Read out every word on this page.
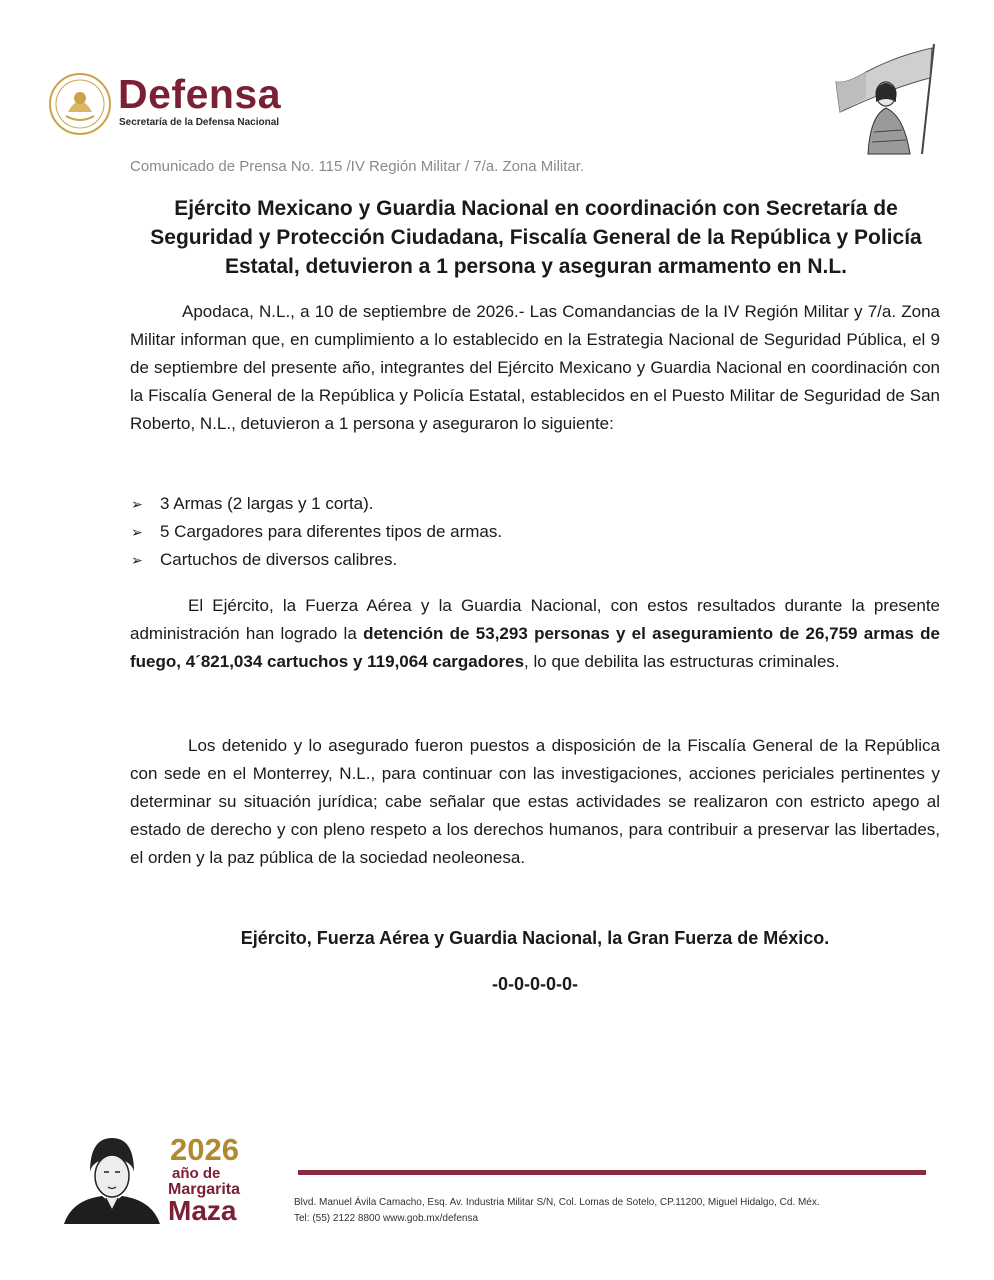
Defensa
Secretaría de la Defensa Nacional
Comunicado de Prensa No. 115 /IV Región Militar / 7/a. Zona Militar.
Ejército Mexicano y Guardia Nacional en coordinación con Secretaría de Seguridad y Protección Ciudadana, Fiscalía General de la República y Policía Estatal, detuvieron a 1 persona y aseguran armamento en N.L.

Apodaca, N.L., a 10 de septiembre de 2026.- Las Comandancias de la IV Región Militar y 7/a. Zona Militar informan que, en cumplimiento a lo establecido en la Estrategia Nacional de Seguridad Pública, el 9 de septiembre del presente año, integrantes del Ejército Mexicano y Guardia Nacional en coordinación con la Fiscalía General de la República y Policía Estatal, establecidos en el Puesto Militar de Seguridad de San Roberto, N.L., detuvieron a 1 persona y aseguraron lo siguiente:

➢ 3 Armas (2 largas y 1 corta).
➢ 5 Cargadores para diferentes tipos de armas.
➢ Cartuchos de diversos calibres.

El Ejército, la Fuerza Aérea y la Guardia Nacional, con estos resultados durante la presente administración han logrado la detención de 53,293 personas y el aseguramiento de 26,759 armas de fuego, 4´821,034 cartuchos y 119,064 cargadores, lo que debilita las estructuras criminales.

Los detenido y lo asegurado fueron puestos a disposición de la Fiscalía General de la República con sede en el Monterrey, N.L., para continuar con las investigaciones, acciones periciales pertinentes y determinar su situación jurídica; cabe señalar que estas actividades se realizaron con estricto apego al estado de derecho y con pleno respeto a los derechos humanos, para contribuir a preservar las libertades, el orden y la paz pública de la sociedad neoleonesa.

Ejército, Fuerza Aérea y Guardia Nacional, la Gran Fuerza de México.
-0-0-0-0-0-
2026
año de
Margarita
Maza	Blvd. Manuel Ávila Camacho, Esq. Av. Industria Militar S/N, Col. Lomas de Sotelo, CP.11200, Miguel Hidalgo, Cd. Méx.
Tel: (55) 2122 8800 www.gob.mx/defensa
